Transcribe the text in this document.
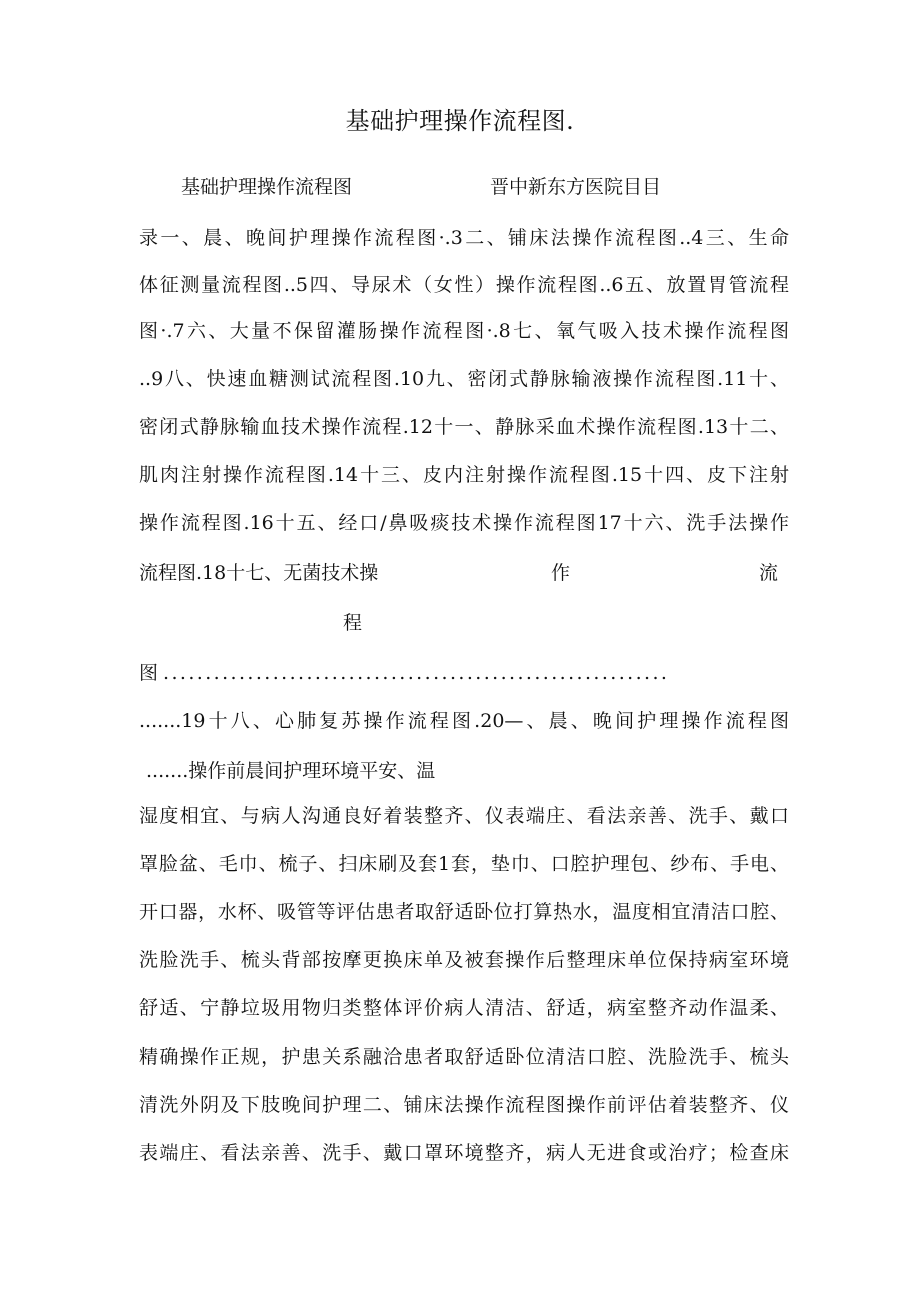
基础护理操作流程图.
基础护理操作流程图	晋中新东方医院目目
录一、晨、晚间护理操作流程图·.3二、铺床法操作流程图..4三、生命
体征测量流程图..5四、导尿术（女性）操作流程图..6五、放置胃管流程
图·.7六、大量不保留灌肠操作流程图·.8七、氧气吸入技术操作流程图
..9八、快速血糖测试流程图.10九、密闭式静脉输液操作流程图.11十、
密闭式静脉输血技术操作流程.12十一、静脉采血术操作流程图.13十二、
肌肉注射操作流程图.14十三、皮内注射操作流程图.15十四、皮下注射
操作流程图.16十五、经口/鼻吸痰技术操作流程图17十六、洗手法操作
流程图.18十七、无菌技术操	作	流
程
图 ............................................................
.......19十八、心肺复苏操作流程图.20—、晨、晚间护理操作流程图
.......操作前晨间护理环境平安、温
湿度相宜、与病人沟通良好着装整齐、仪表端庄、看法亲善、洗手、戴口
罩脸盆、毛巾、梳子、扫床刷及套1套，垫巾、口腔护理包、纱布、手电、
开口器，水杯、吸管等评估患者取舒适卧位打算热水，温度相宜清洁口腔、
洗脸洗手、梳头背部按摩更换床单及被套操作后整理床单位保持病室环境
舒适、宁静垃圾用物归类整体评价病人清洁、舒适，病室整齐动作温柔、
精确操作正规，护患关系融洽患者取舒适卧位清洁口腔、洗脸洗手、梳头
清洗外阴及下肢晚间护理二、铺床法操作流程图操作前评估着装整齐、仪
表端庄、看法亲善、洗手、戴口罩环境整齐，病人无进食或治疗；检查床
